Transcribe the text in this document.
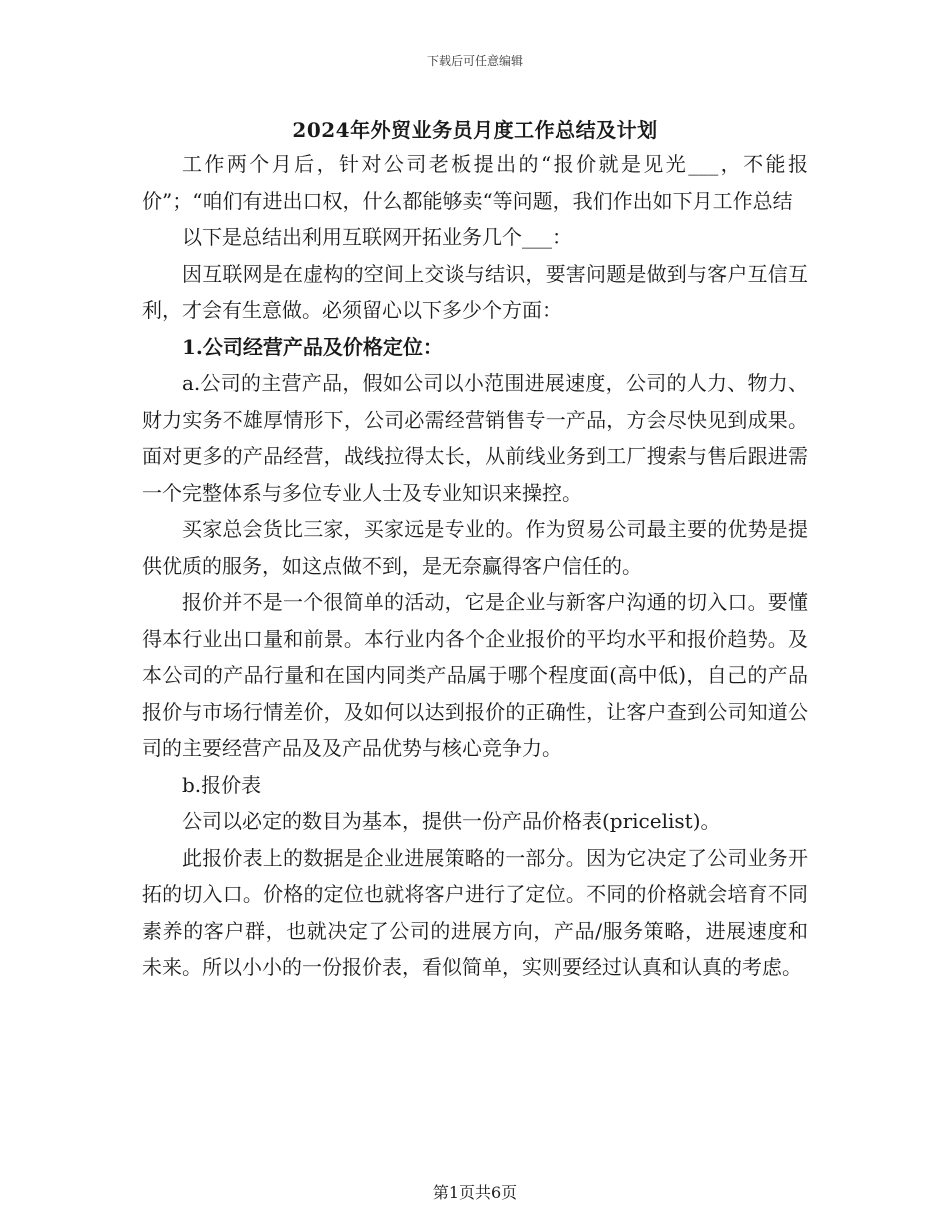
下载后可任意编辑
2024年外贸业务员月度工作总结及计划

工作两个月后，针对公司老板提出的“报价就是见光___，不能报价”；“咱们有进出口权，什么都能够卖“等问题，我们作出如下月工作总结

以下是总结出利用互联网开拓业务几个___：

因互联网是在虚构的空间上交谈与结识，要害问题是做到与客户互信互利，才会有生意做。必须留心以下多少个方面：

1.公司经营产品及价格定位：

a.公司的主营产品，假如公司以小范围进展速度，公司的人力、物力、财力实务不雄厚情形下，公司必需经营销售专一产品，方会尽快见到成果。面对更多的产品经营，战线拉得太长，从前线业务到工厂搜索与售后跟进需一个完整体系与多位专业人士及专业知识来操控。

买家总会货比三家，买家远是专业的。作为贸易公司最主要的优势是提供优质的服务，如这点做不到，是无奈赢得客户信任的。

报价并不是一个很简单的活动，它是企业与新客户沟通的切入口。要懂得本行业出口量和前景。本行业内各个企业报价的平均水平和报价趋势。及本公司的产品行量和在国内同类产品属于哪个程度面(高中低)，自己的产品报价与市场行情差价，及如何以达到报价的正确性，让客户查到公司知道公司的主要经营产品及及产品优势与核心竞争力。

b.报价表

公司以必定的数目为基本，提供一份产品价格表(pricelist)。

此报价表上的数据是企业进展策略的一部分。因为它决定了公司业务开拓的切入口。价格的定位也就将客户进行了定位。不同的价格就会培育不同素养的客户群，也就决定了公司的进展方向，产品/服务策略，进展速度和未来。所以小小的一份报价表，看似简单，实则要经过认真和认真的考虑。

第1页共6页
